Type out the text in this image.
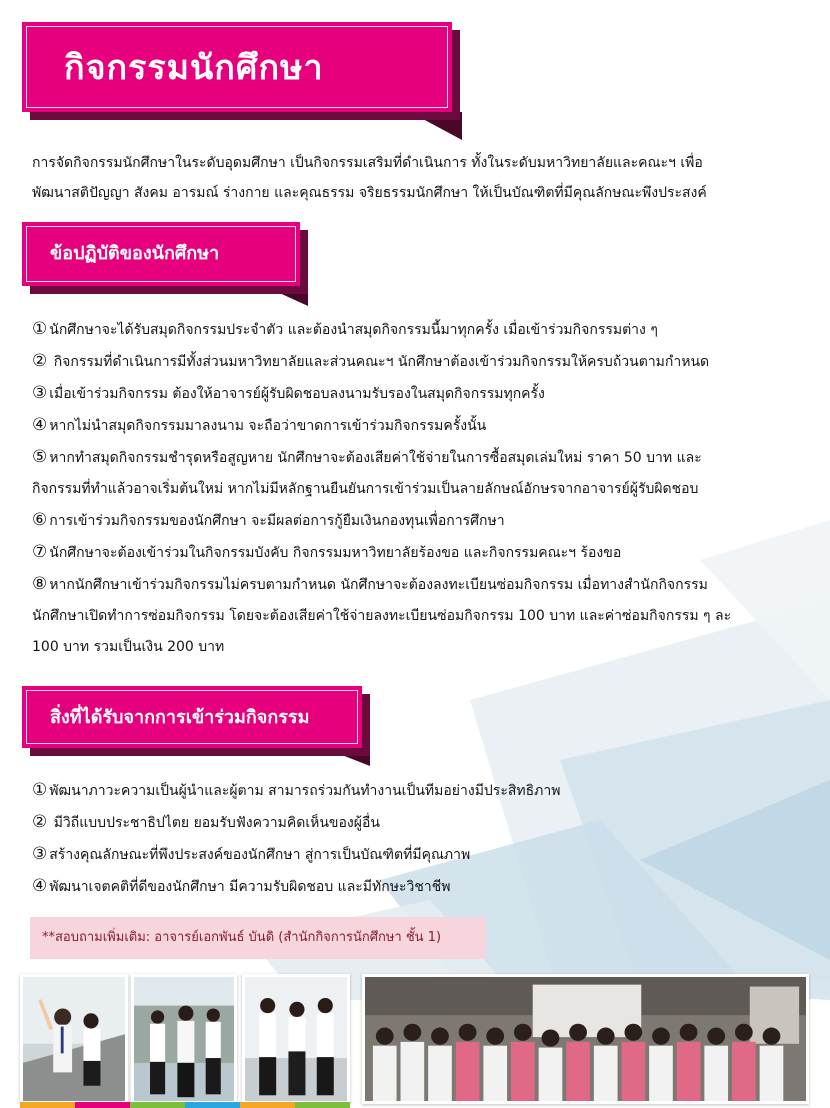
กิจกรรมนักศึกษา
การจัดกิจกรรมนักศึกษาในระดับอุดมศึกษา เป็นกิจกรรมเสริมที่ดำเนินการ ทั้งในระดับมหาวิทยาลัยและคณะฯ เพื่อ
พัฒนาสติปัญญา สังคม อารมณ์ ร่างกาย และคุณธรรม จริยธรรมนักศึกษา ให้เป็นบัณฑิตที่มีคุณลักษณะพึงประสงค์
ข้อปฏิบัติของนักศึกษา
① นักศึกษาจะได้รับสมุดกิจกรรมประจำตัว และต้องนำสมุดกิจกรรมนี้มาทุกครั้ง เมื่อเข้าร่วมกิจกรรมต่าง ๆ
② กิจกรรมที่ดำเนินการมีทั้งส่วนมหาวิทยาลัยและส่วนคณะฯ นักศึกษาต้องเข้าร่วมกิจกรรมให้ครบถ้วนตามกำหนด
③ เมื่อเข้าร่วมกิจกรรม ต้องให้อาจารย์ผู้รับผิดชอบลงนามรับรองในสมุดกิจกรรมทุกครั้ง
④ หากไม่นำสมุดกิจกรรมมาลงนาม จะถือว่าขาดการเข้าร่วมกิจกรรมครั้งนั้น
⑤ หากทำสมุดกิจกรรมชำรุดหรือสูญหาย นักศึกษาจะต้องเสียค่าใช้จ่ายในการซื้อสมุดเล่มใหม่ ราคา 50 บาท และ
กิจกรรมที่ทำแล้วอาจเริ่มต้นใหม่ หากไม่มีหลักฐานยืนยันการเข้าร่วมเป็นลายลักษณ์อักษรจากอาจารย์ผู้รับผิดชอบ
⑥ การเข้าร่วมกิจกรรมของนักศึกษา จะมีผลต่อการกู้ยืมเงินกองทุนเพื่อการศึกษา
⑦ นักศึกษาจะต้องเข้าร่วมในกิจกรรมบังคับ กิจกรรมมหาวิทยาลัยร้องขอ และกิจกรรมคณะฯ ร้องขอ
⑧ หากนักศึกษาเข้าร่วมกิจกรรมไม่ครบตามกำหนด นักศึกษาจะต้องลงทะเบียนซ่อมกิจกรรม เมื่อทางสำนักกิจกรรม
นักศึกษาเปิดทำการซ่อมกิจกรรม โดยจะต้องเสียค่าใช้จ่ายลงทะเบียนซ่อมกิจกรรม 100 บาท และค่าซ่อมกิจกรรม ๆ ละ
100 บาท รวมเป็นเงิน 200 บาท
สิ่งที่ได้รับจากการเข้าร่วมกิจกรรม
① พัฒนาภาวะความเป็นผู้นำและผู้ตาม สามารถร่วมกันทำงานเป็นทีมอย่างมีประสิทธิภาพ
② มีวิถีแบบประชาธิปไตย ยอมรับฟังความคิดเห็นของผู้อื่น
③ สร้างคุณลักษณะที่พึงประสงค์ของนักศึกษา สู่การเป็นบัณฑิตที่มีคุณภาพ
④ พัฒนาเจตคติที่ดีของนักศึกษา มีความรับผิดชอบ และมีทักษะวิชาชีพ
**สอบถามเพิ่มเติม: อาจารย์เอกพันธ์ บันดิ (สำนักกิจการนักศึกษา ชั้น 1)
